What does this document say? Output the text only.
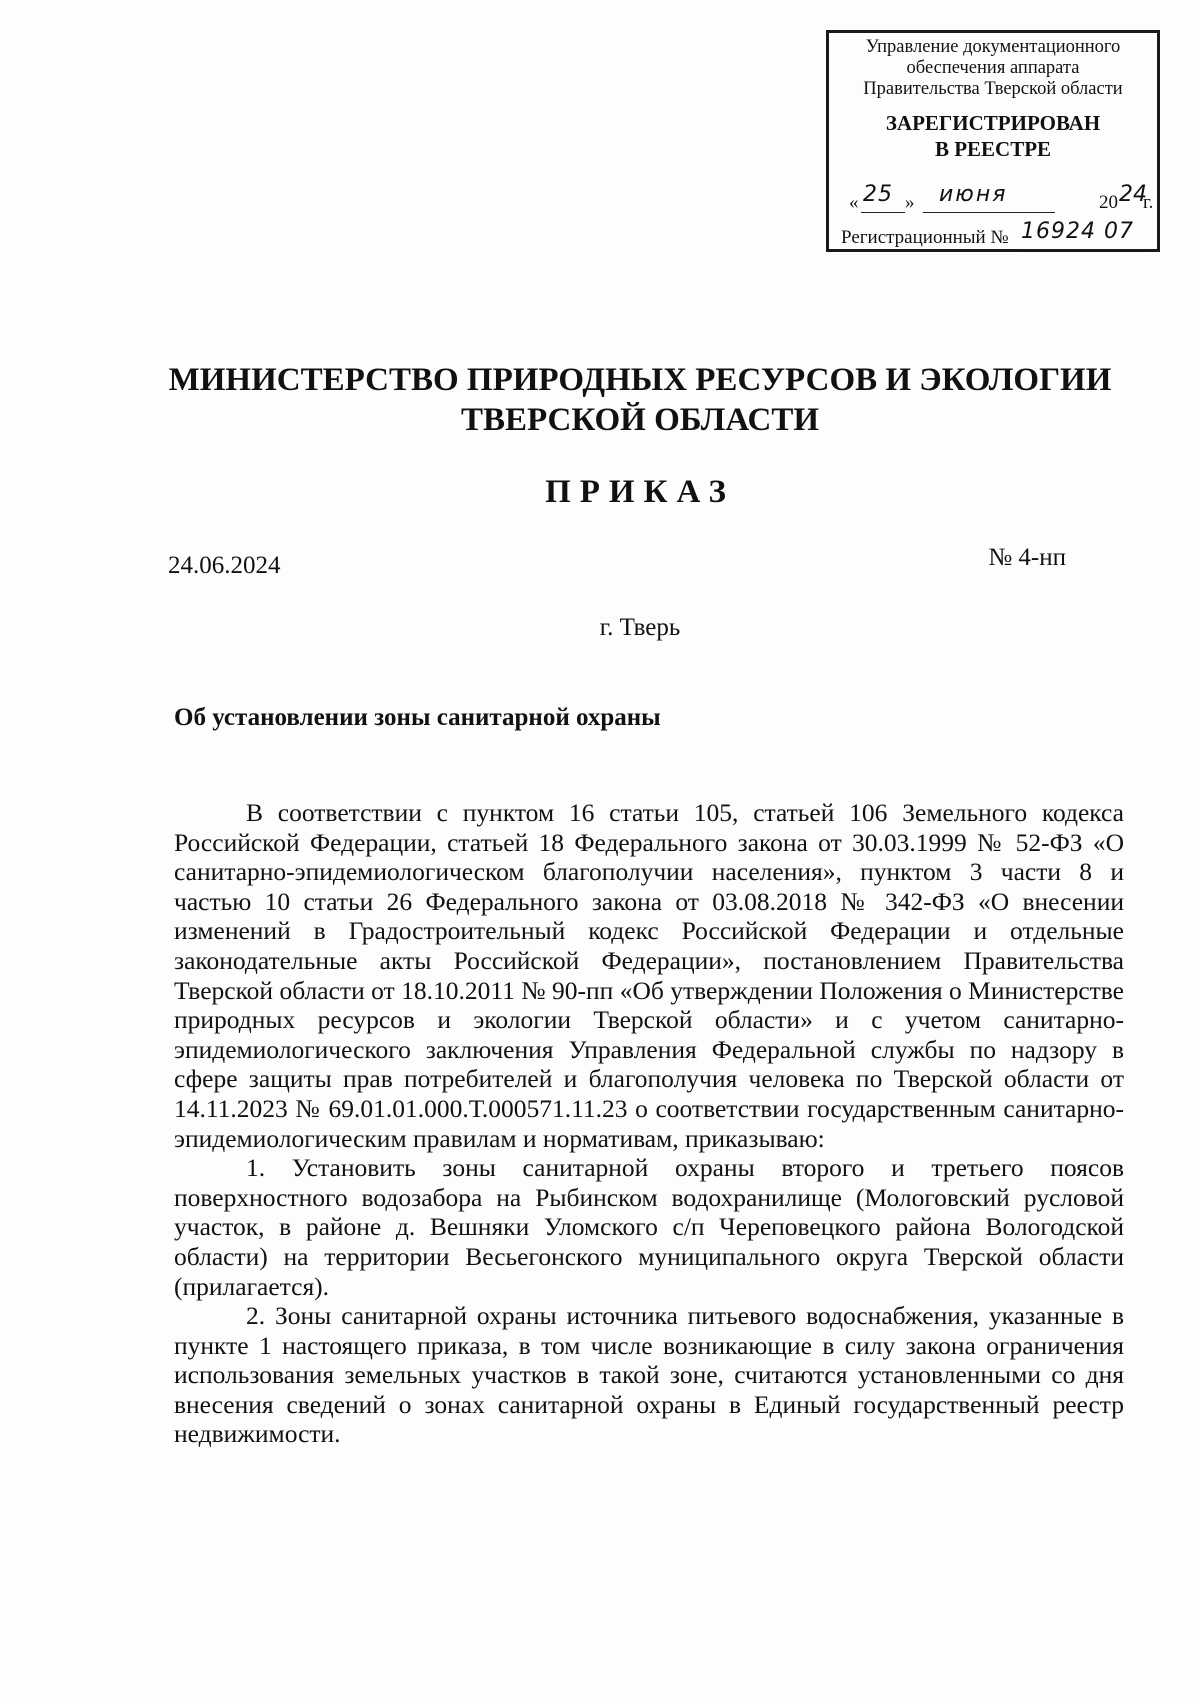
Управление документационного
обеспечения аппарата
Правительства Тверской области
ЗАРЕГИСТРИРОВАН
В РЕЕСТРЕ
« 25 » июня	20 24
г.
Регистрационный № 16924 07
МИНИСТЕРСТВО ПРИРОДНЫХ РЕСУРСОВ И ЭКОЛОГИИ
ТВЕРСКОЙ ОБЛАСТИ
ПРИКАЗ
24.06.2024	№ 4-нп
г. Тверь
Об установлении зоны санитарной охраны

В соответствии с пунктом 16 статьи 105, статьей 106 Земельного кодекса Российской Федерации, статьей 18 Федерального закона от 30.03.1999 № 52-ФЗ «О санитарно-эпидемиологическом благополучии населения», пунктом 3 части 8 и частью 10 статьи 26 Федерального закона от 03.08.2018 № 342-ФЗ «О внесении изменений в Градостроительный кодекс Российской Федерации и отдельные законодательные акты Российской Федерации», постановлением Правительства Тверской области от 18.10.2011 № 90-пп «Об утверждении Положения о Министерстве природных ресурсов и экологии Тверской области» и с учетом санитарно-эпидемиологического заключения Управления Федеральной службы по надзору в сфере защиты прав потребителей и благополучия человека по Тверской области от 14.11.2023 № 69.01.01.000.Т.000571.11.23 о соответствии государственным санитарно-эпидемиологическим правилам и нормативам, приказываю:

1. Установить зоны санитарной охраны второго и третьего поясов поверхностного водозабора на Рыбинском водохранилище (Мологовский русловой участок, в районе д. Вешняки Уломского с/п Череповецкого района Вологодской области) на территории Весьегонского муниципального округа Тверской области (прилагается).

2. Зоны санитарной охраны источника питьевого водоснабжения, указанные в пункте 1 настоящего приказа, в том числе возникающие в силу закона ограничения использования земельных участков в такой зоне, считаются установленными со дня внесения сведений о зонах санитарной охраны в Единый государственный реестр недвижимости.
